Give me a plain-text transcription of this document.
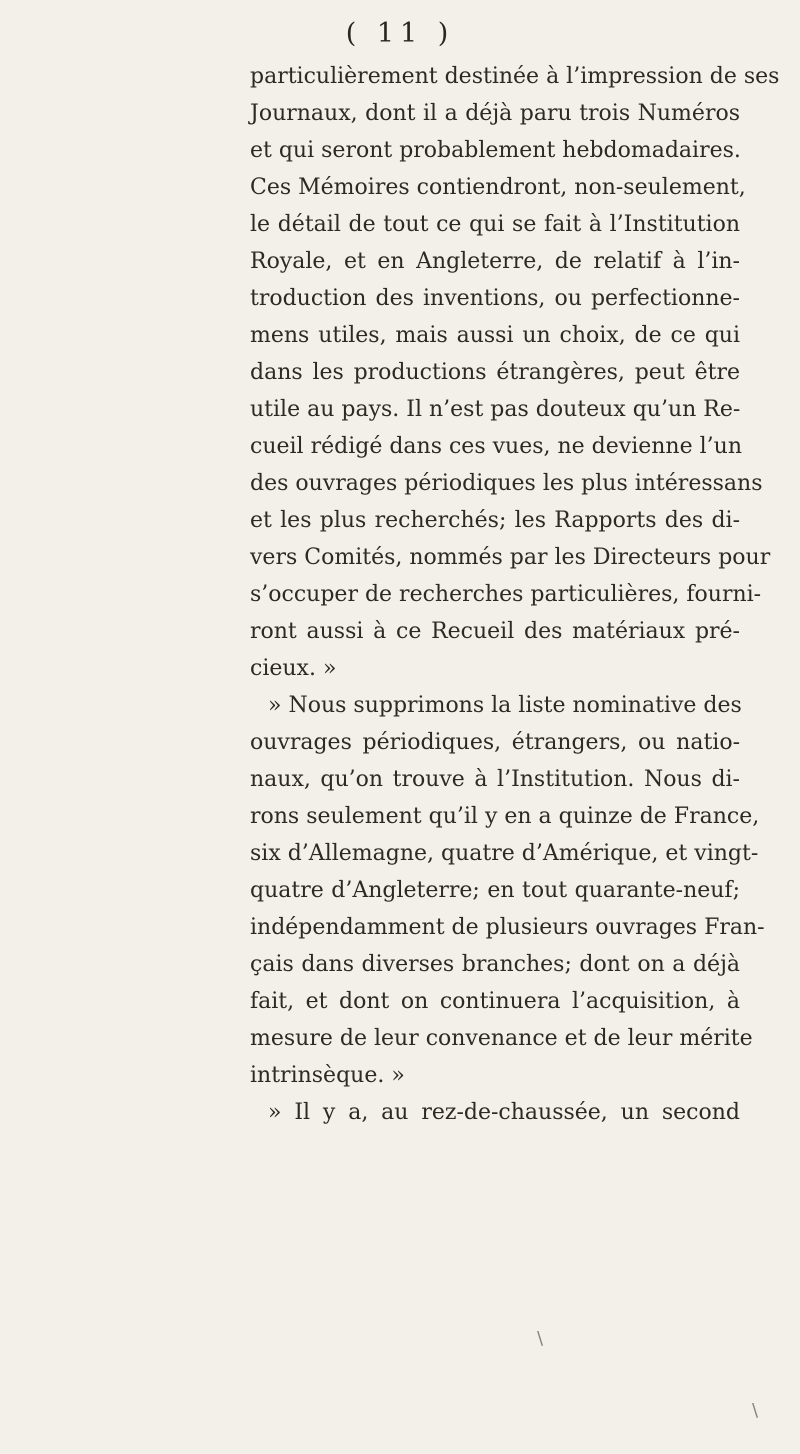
( 11 )
particulièrement destinée à l’impression de ses
Journaux, dont il a déjà paru trois Numéros
et qui seront probablement hebdomadaires.
Ces Mémoires contiendront, non-seulement,
le détail de tout ce qui se fait à l’Institution
Royale, et en Angleterre, de relatif à l’in-
troduction des inventions, ou perfectionne-
mens utiles, mais aussi un choix, de ce qui
dans les productions étrangères, peut être
utile au pays. Il n’est pas douteux qu’un Re-
cueil rédigé dans ces vues, ne devienne l’un
des ouvrages périodiques les plus intéressans
et les plus recherchés; les Rapports des di-
vers Comités, nommés par les Directeurs pour
s’occuper de recherches particulières, fourni-
ront aussi à ce Recueil des matériaux pré-
cieux. »
» Nous supprimons la liste nominative des
ouvrages périodiques, étrangers, ou natio-
naux, qu’on trouve à l’Institution. Nous di-
rons seulement qu’il y en a quinze de France,
six d’Allemagne, quatre d’Amérique, et vingt-
quatre d’Angleterre; en tout quarante-neuf;
indépendamment de plusieurs ouvrages Fran-
çais dans diverses branches; dont on a déjà
fait, et dont on continuera l’acquisition, à
mesure de leur convenance et de leur mérite
intrinsèque. »
» Il y a, au rez-de-chaussée, un second
\
\
